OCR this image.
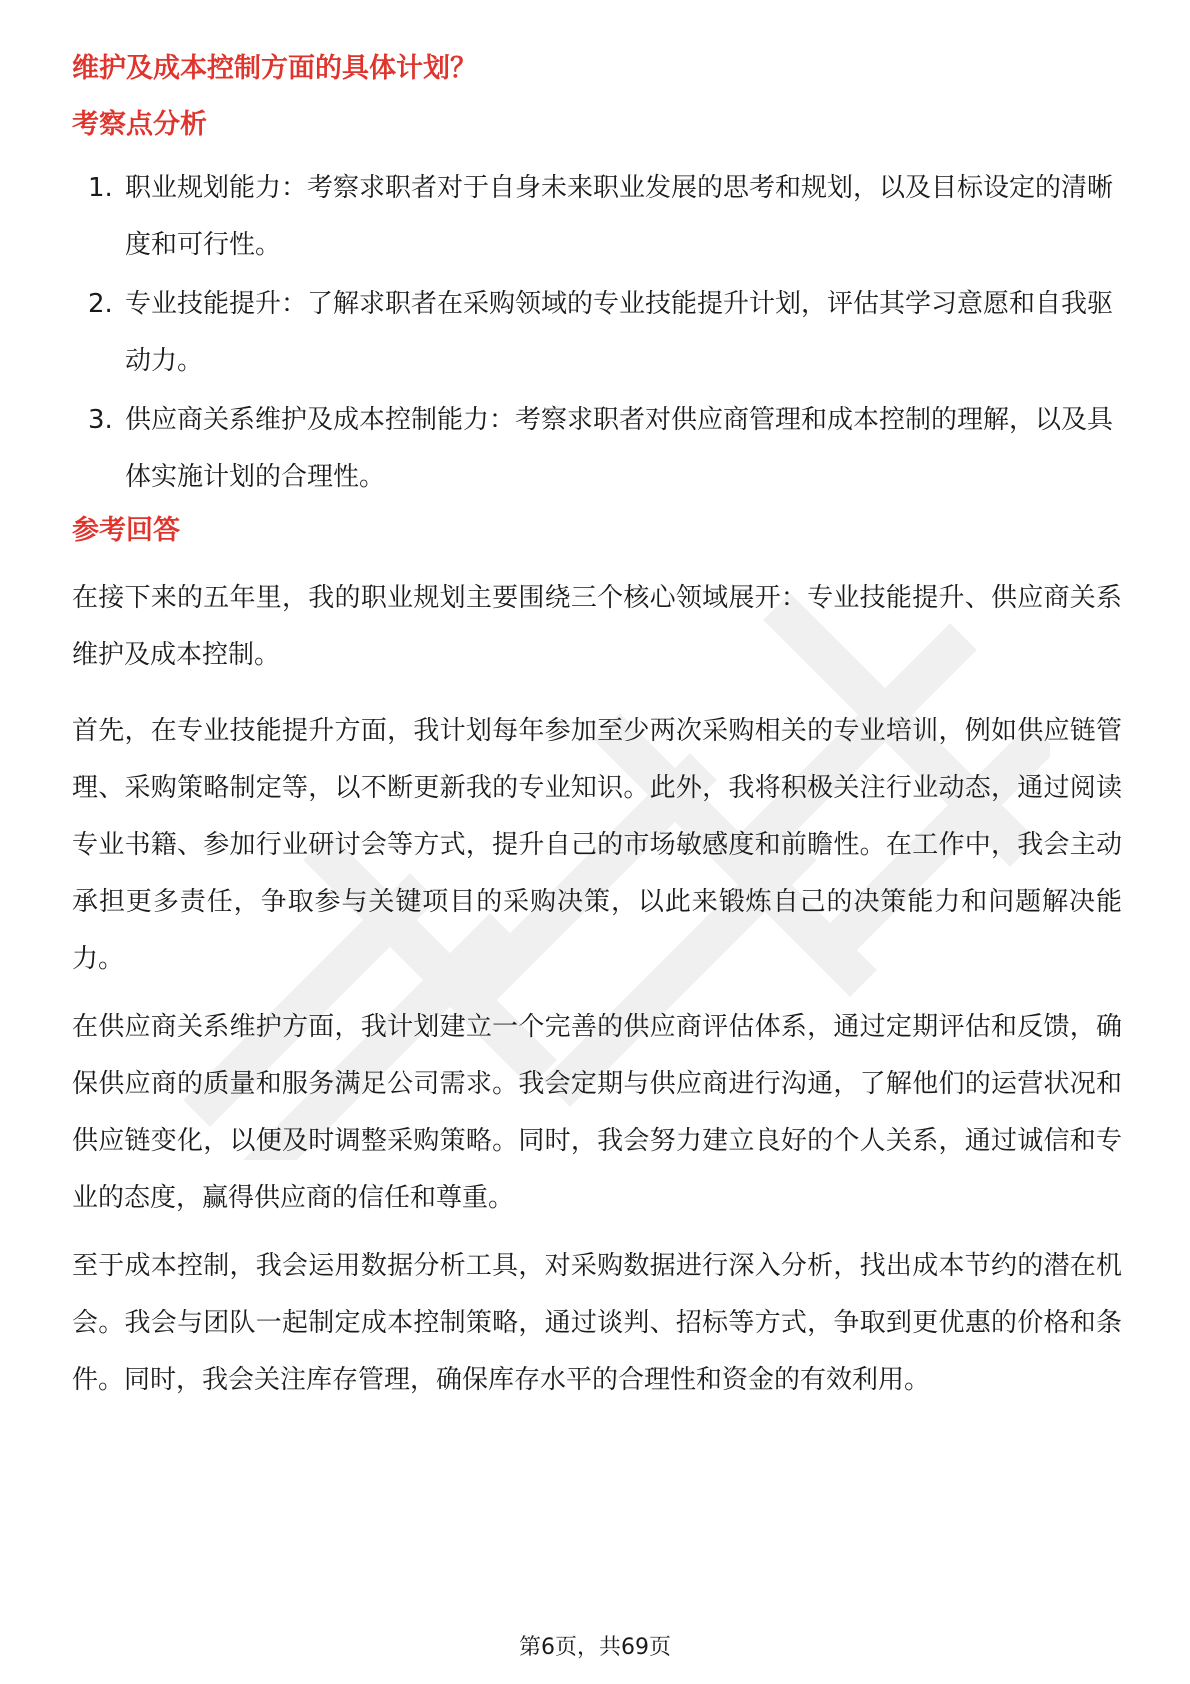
维护及成本控制方面的具体计划？
考察点分析
1. 职业规划能力：考察求职者对于自身未来职业发展的思考和规划，以及目标设定的清晰度和可行性。
2. 专业技能提升：了解求职者在采购领域的专业技能提升计划，评估其学习意愿和自我驱动力。
3. 供应商关系维护及成本控制能力：考察求职者对供应商管理和成本控制的理解，以及具体实施计划的合理性。
参考回答

在接下来的五年里，我的职业规划主要围绕三个核心领域展开：专业技能提升、供应商关系维护及成本控制。

首先，在专业技能提升方面，我计划每年参加至少两次采购相关的专业培训，例如供应链管理、采购策略制定等，以不断更新我的专业知识。此外，我将积极关注行业动态，通过阅读专业书籍、参加行业研讨会等方式，提升自己的市场敏感度和前瞻性。在工作中，我会主动承担更多责任，争取参与关键项目的采购决策，以此来锻炼自己的决策能力和问题解决能力。

在供应商关系维护方面，我计划建立一个完善的供应商评估体系，通过定期评估和反馈，确保供应商的质量和服务满足公司需求。我会定期与供应商进行沟通，了解他们的运营状况和供应链变化，以便及时调整采购策略。同时，我会努力建立良好的个人关系，通过诚信和专业的态度，赢得供应商的信任和尊重。

至于成本控制，我会运用数据分析工具，对采购数据进行深入分析，找出成本节约的潜在机会。我会与团队一起制定成本控制策略，通过谈判、招标等方式，争取到更优惠的价格和条件。同时，我会关注库存管理，确保库存水平的合理性和资金的有效利用。

第6页，共69页
